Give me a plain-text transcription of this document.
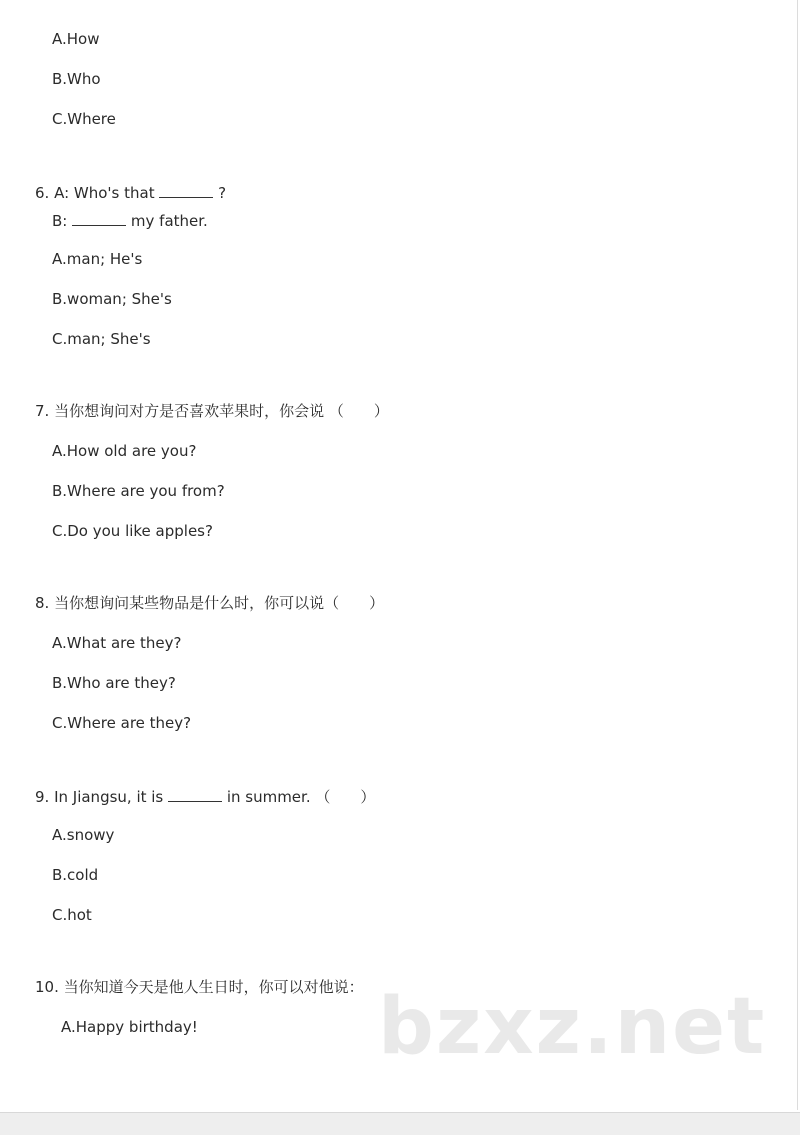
A.How
B.Who
C.Where
6. A: Who's that	?
B:	my father.
A.man; He's
B.woman; She's
C.man; She's
7. 当你想询问对方是否喜欢苹果时，你会说 （　　）
A.How old are you?
B.Where are you from?
C.Do you like apples?
8. 当你想询问某些物品是什么时，你可以说（　　）
A.What are they?
B.Who are they?
C.Where are they?
9. In Jiangsu, it is	in summer. （　　）
A.snowy
B.cold
C.hot
10. 当你知道今天是他人生日时，你可以对他说：
A.Happy birthday! bzxz.net
